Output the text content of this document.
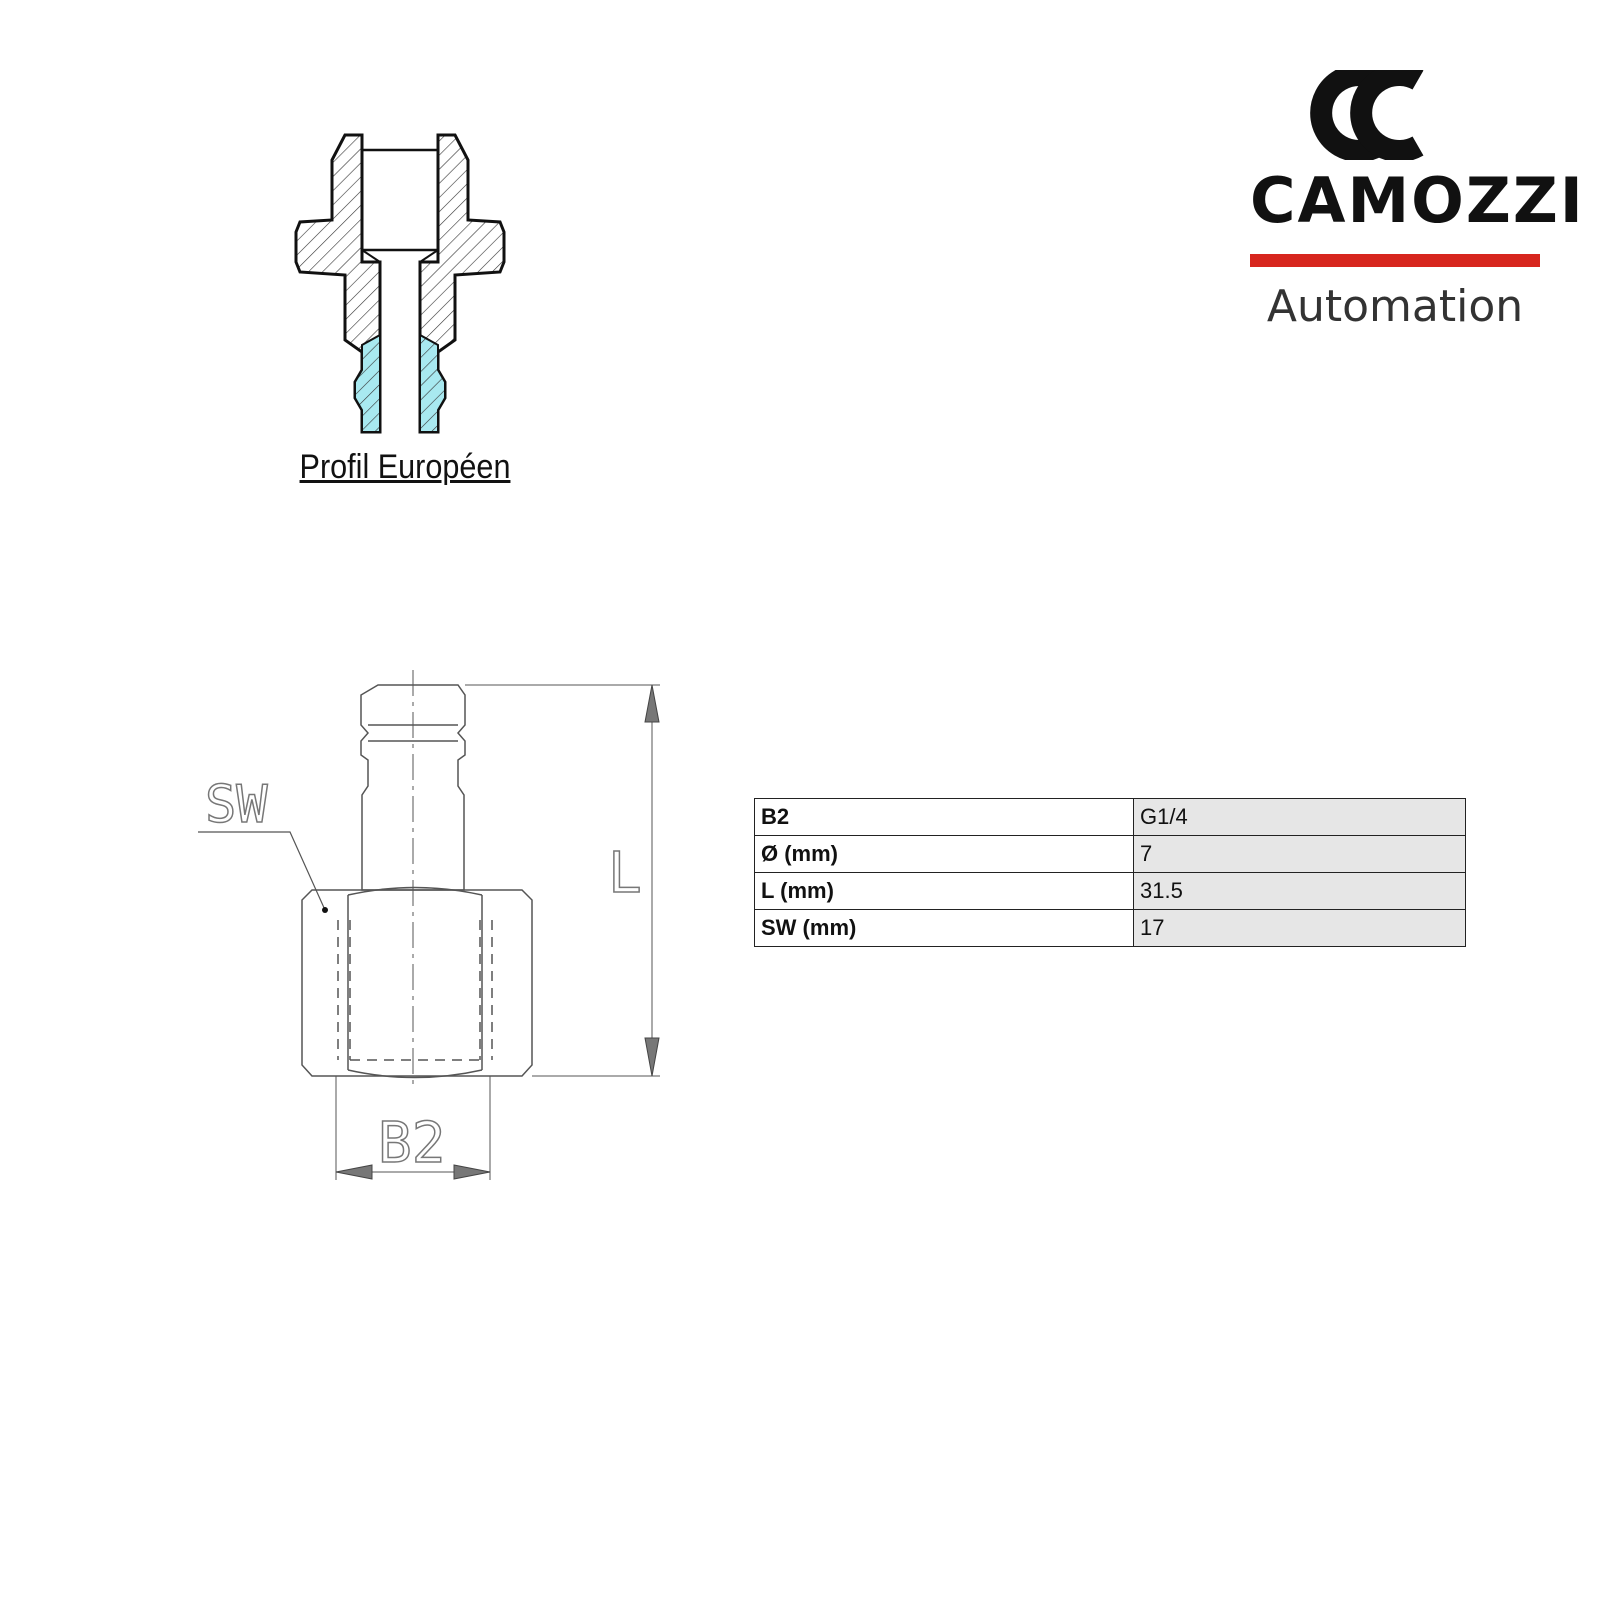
CAMOZZI
Automation
Profil Européen
SW
B2
L
B2	G1/4
Ø (mm)	7
L (mm)	31.5
SW (mm)	17
